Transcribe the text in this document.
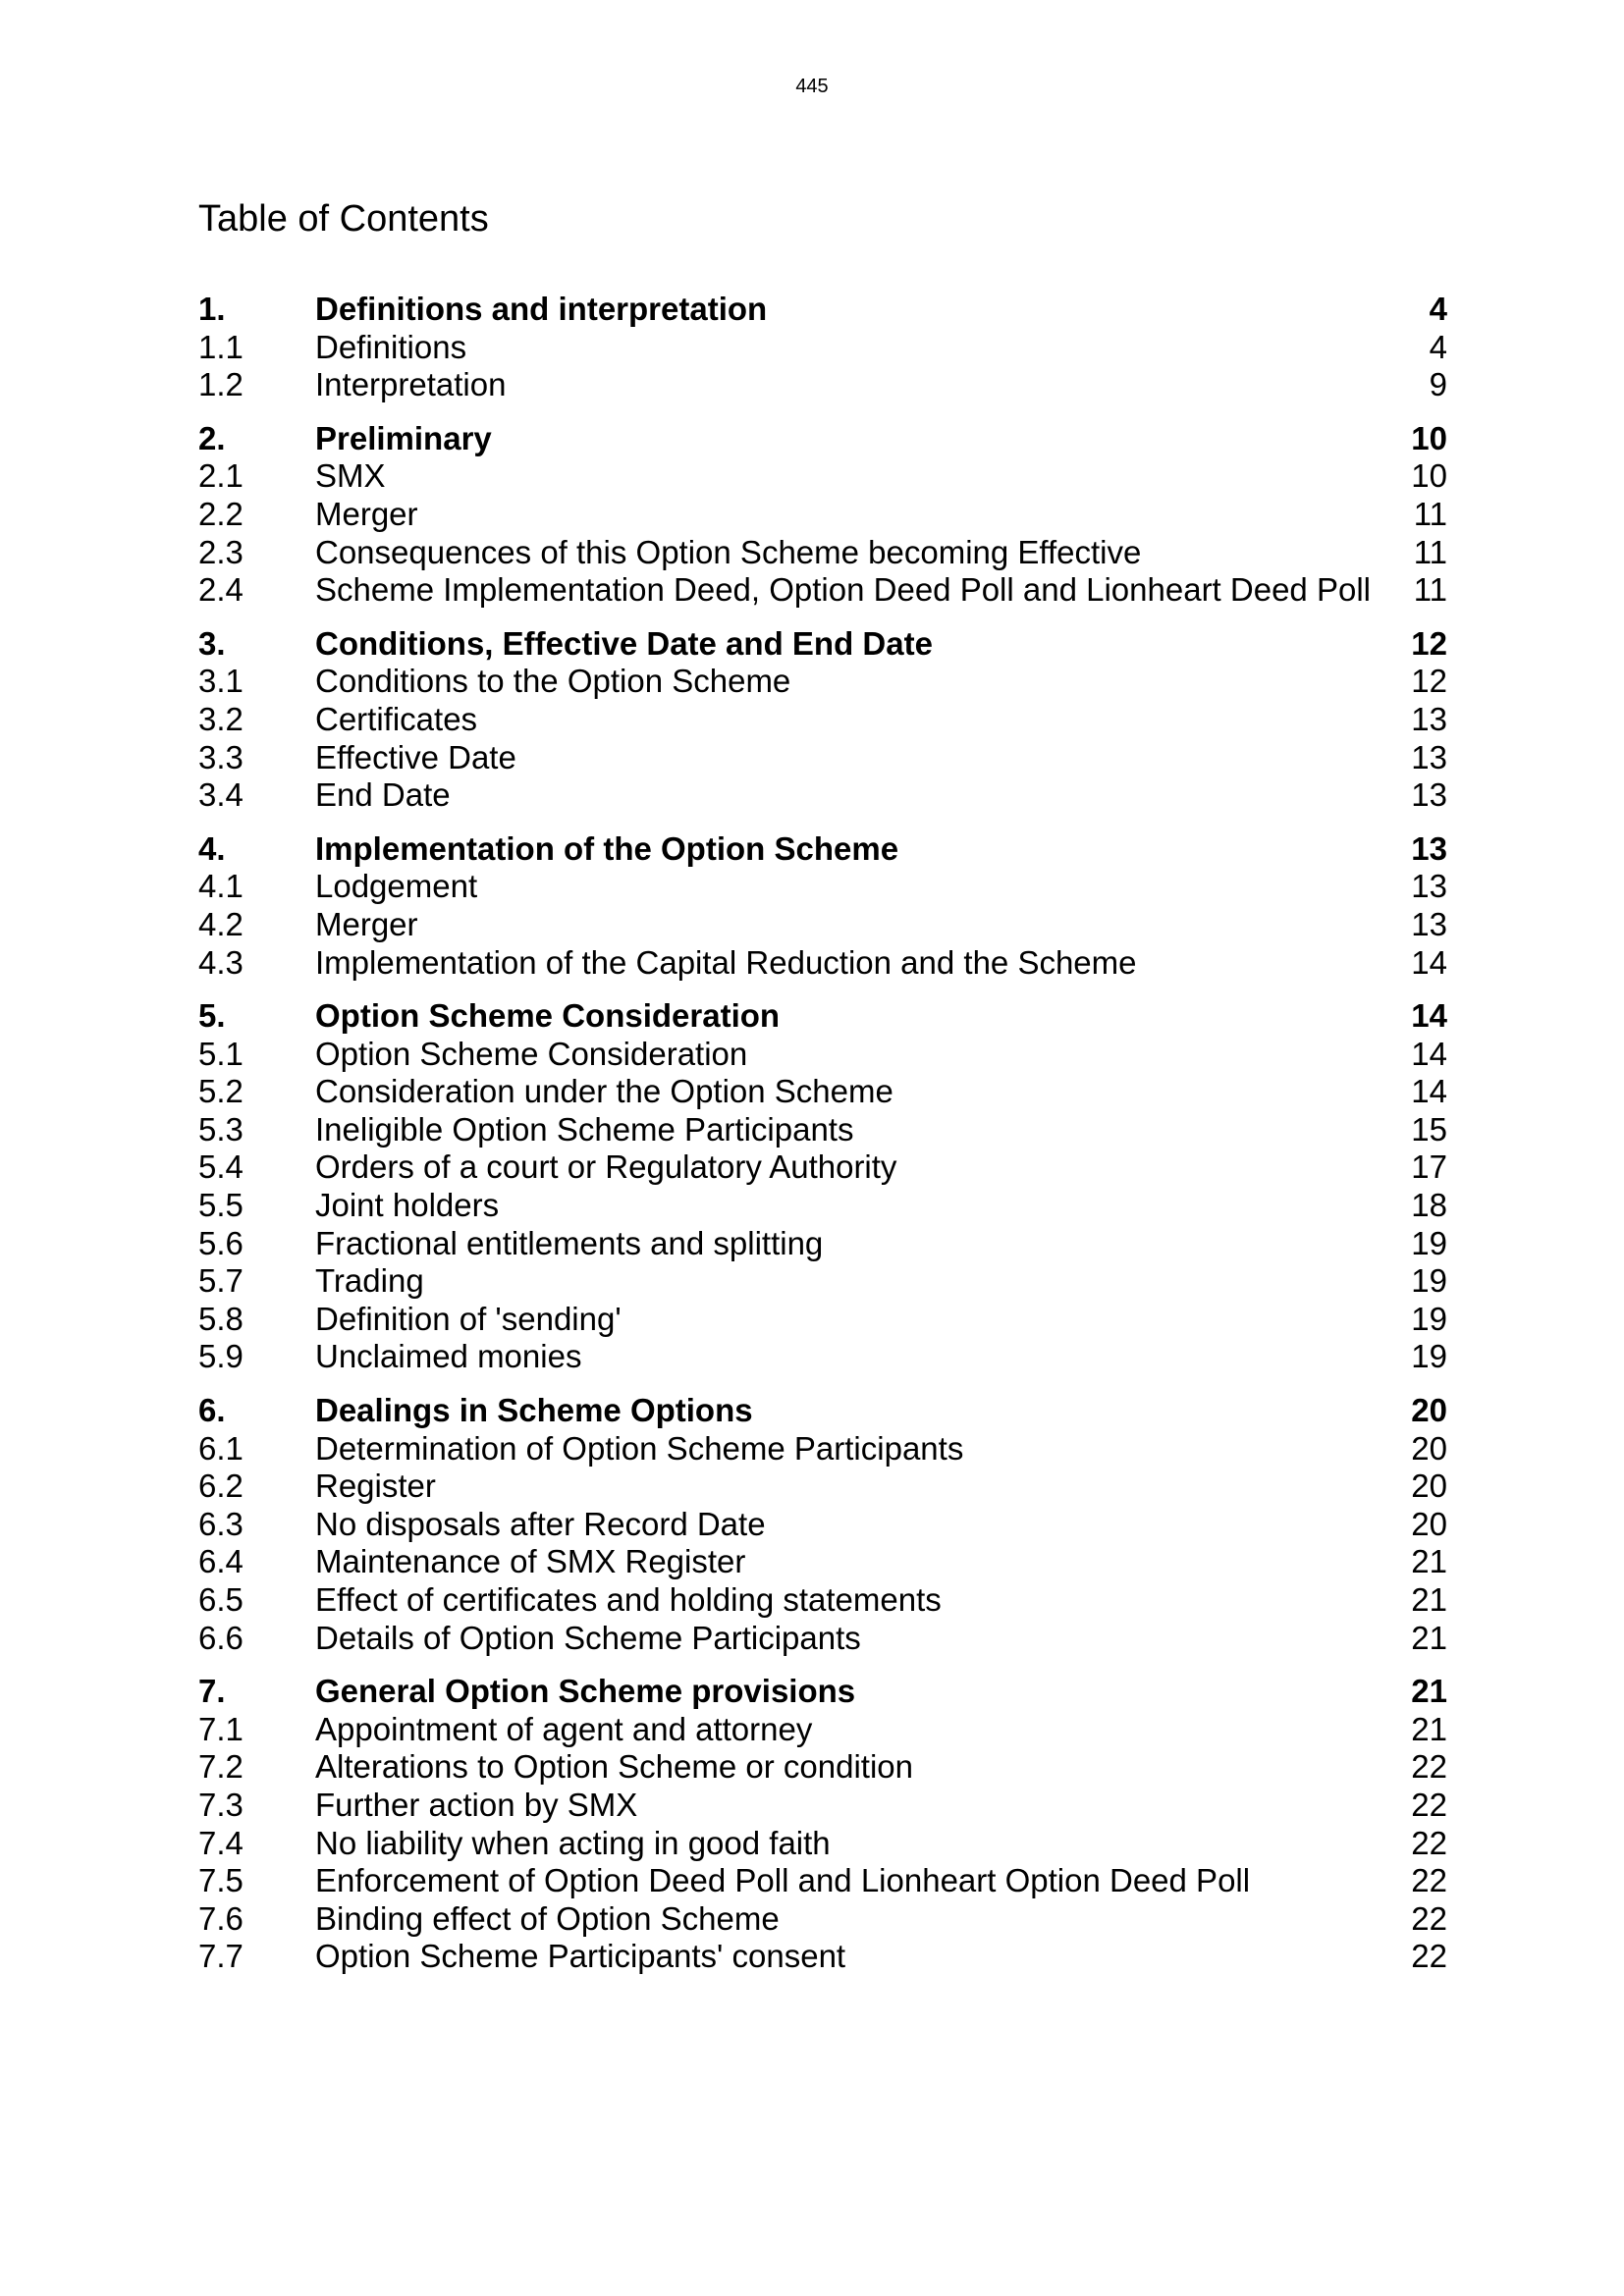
445
Table of Contents
1.	Definitions and interpretation	4
1.1	Definitions	4
1.2	Interpretation	9
2.	Preliminary	10
2.1	SMX	10
2.2	Merger	11
2.3	Consequences of this Option Scheme becoming Effective	11
2.4	Scheme Implementation Deed, Option Deed Poll and Lionheart Deed Poll	11
3.	Conditions, Effective Date and End Date	12
3.1	Conditions to the Option Scheme	12
3.2	Certificates	13
3.3	Effective Date	13
3.4	End Date	13
4.	Implementation of the Option Scheme	13
4.1	Lodgement	13
4.2	Merger	13
4.3	Implementation of the Capital Reduction and the Scheme	14
5.	Option Scheme Consideration	14
5.1	Option Scheme Consideration	14
5.2	Consideration under the Option Scheme	14
5.3	Ineligible Option Scheme Participants	15
5.4	Orders of a court or Regulatory Authority	17
5.5	Joint holders	18
5.6	Fractional entitlements and splitting	19
5.7	Trading	19
5.8	Definition of 'sending'	19
5.9	Unclaimed monies	19
6.	Dealings in Scheme Options	20
6.1	Determination of Option Scheme Participants	20
6.2	Register	20
6.3	No disposals after Record Date	20
6.4	Maintenance of SMX Register	21
6.5	Effect of certificates and holding statements	21
6.6	Details of Option Scheme Participants	21
7.	General Option Scheme provisions	21
7.1	Appointment of agent and attorney	21
7.2	Alterations to Option Scheme or condition	22
7.3	Further action by SMX	22
7.4	No liability when acting in good faith	22
7.5	Enforcement of Option Deed Poll and Lionheart Option Deed Poll	22
7.6	Binding effect of Option Scheme	22
7.7	Option Scheme Participants' consent	22
